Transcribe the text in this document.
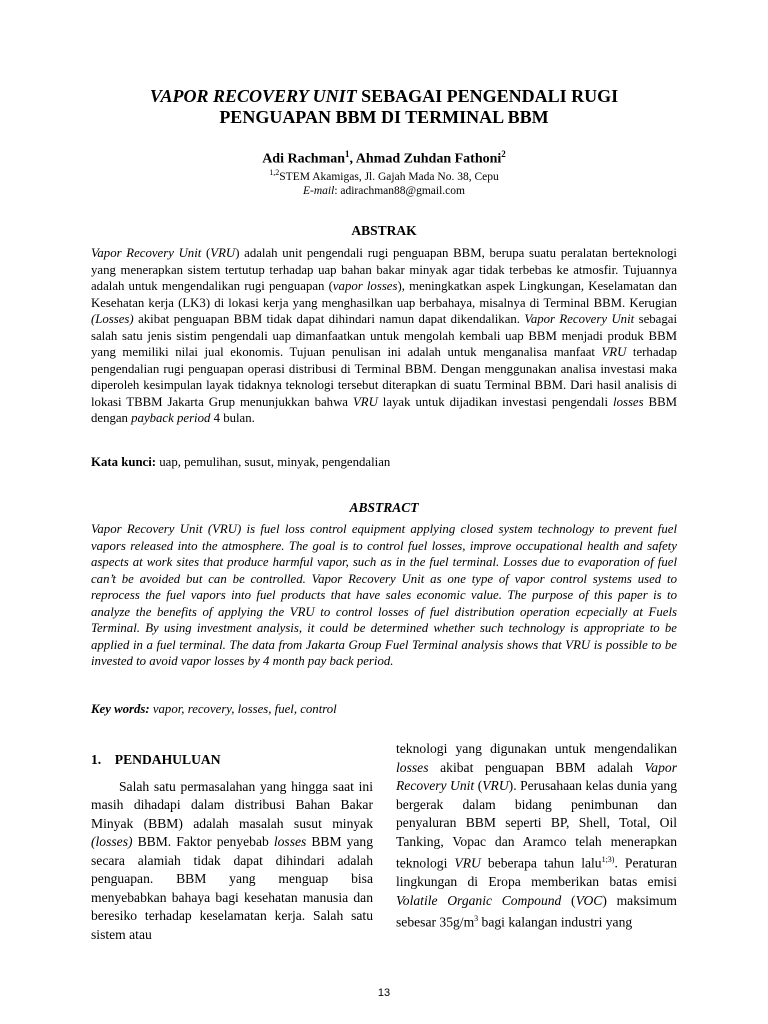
VAPOR RECOVERY UNIT SEBAGAI PENGENDALI RUGI
PENGUAPAN BBM DI TERMINAL BBM
Adi Rachman$^1$, Ahmad Zuhdan Fathoni$^2$
$^{1,2}$STEM Akamigas, Jl. Gajah Mada No. 38, Cepu
E-mail: adirachman88@gmail.com
ABSTRAK

Vapor Recovery Unit (VRU) adalah unit pengendali rugi penguapan BBM, berupa suatu peralatan berteknologi yang menerapkan sistem tertutup terhadap uap bahan bakar minyak agar tidak terbebas ke atmosfir. Tujuannya adalah untuk mengendalikan rugi penguapan (vapor losses), meningkatkan aspek Lingkungan, Keselamatan dan Kesehatan kerja (LK3) di lokasi kerja yang menghasilkan uap berbahaya, misalnya di Terminal BBM. Kerugian (Losses) akibat penguapan BBM tidak dapat dihindari namun dapat dikendalikan. Vapor Recovery Unit sebagai salah satu jenis sistim pengendali uap dimanfaatkan untuk mengolah kembali uap BBM menjadi produk BBM yang memiliki nilai jual ekonomis. Tujuan penulisan ini adalah untuk menganalisa manfaat VRU terhadap pengendalian rugi penguapan operasi distribusi di Terminal BBM. Dengan menggunakan analisa investasi maka diperoleh kesimpulan layak tidaknya teknologi tersebut diterapkan di suatu Terminal BBM. Dari hasil analisis di lokasi TBBM Jakarta Grup menunjukkan bahwa VRU layak untuk dijadikan investasi pengendali losses BBM dengan payback period 4 bulan.

Kata kunci: uap, pemulihan, susut, minyak, pengendalian
ABSTRACT

Vapor Recovery Unit (VRU) is fuel loss control equipment applying closed system technology to prevent fuel vapors released into the atmosphere. The goal is to control fuel losses, improve occupational health and safety aspects at work sites that produce harmful vapor, such as in the fuel terminal. Losses due to evaporation of fuel can’t be avoided but can be controlled. Vapor Recovery Unit as one type of vapor control systems used to reprocess the fuel vapors into fuel products that have sales economic value. The purpose of this paper is to analyze the benefits of applying the VRU to control losses of fuel distribution operation ecpecially at Fuels Terminal. By using investment analysis, it could be determined whether such technology is appropriate to be applied in a fuel terminal. The data from Jakarta Group Fuel Terminal analysis shows that VRU is possible to be invested to avoid vapor losses by 4 month pay back period.

Key words: vapor, recovery, losses, fuel, control

1.    PENDAHULUAN

Salah satu permasalahan yang hingga saat ini masih dihadapi dalam distribusi Bahan Bakar Minyak (BBM) adalah masalah susut minyak (losses) BBM. Faktor penyebab losses BBM yang secara alamiah tidak dapat dihindari adalah penguapan. BBM yang menguap bisa menyebabkan bahaya bagi kesehatan manusia dan beresiko terhadap keselamatan kerja. Salah satu sistem atau

teknologi yang digunakan untuk mengendalikan losses akibat penguapan BBM adalah Vapor Recovery Unit (VRU). Perusahaan kelas dunia yang bergerak dalam bidang penimbunan dan penyaluran BBM seperti BP, Shell, Total, Oil Tanking, Vopac dan Aramco telah menerapkan teknologi VRU beberapa tahun lalu$^{1;3)}$. Peraturan lingkungan di Eropa memberikan batas emisi Volatile Organic Compound (VOC) maksimum sebesar $35g/m^3$ bagi kalangan industri yang

13
